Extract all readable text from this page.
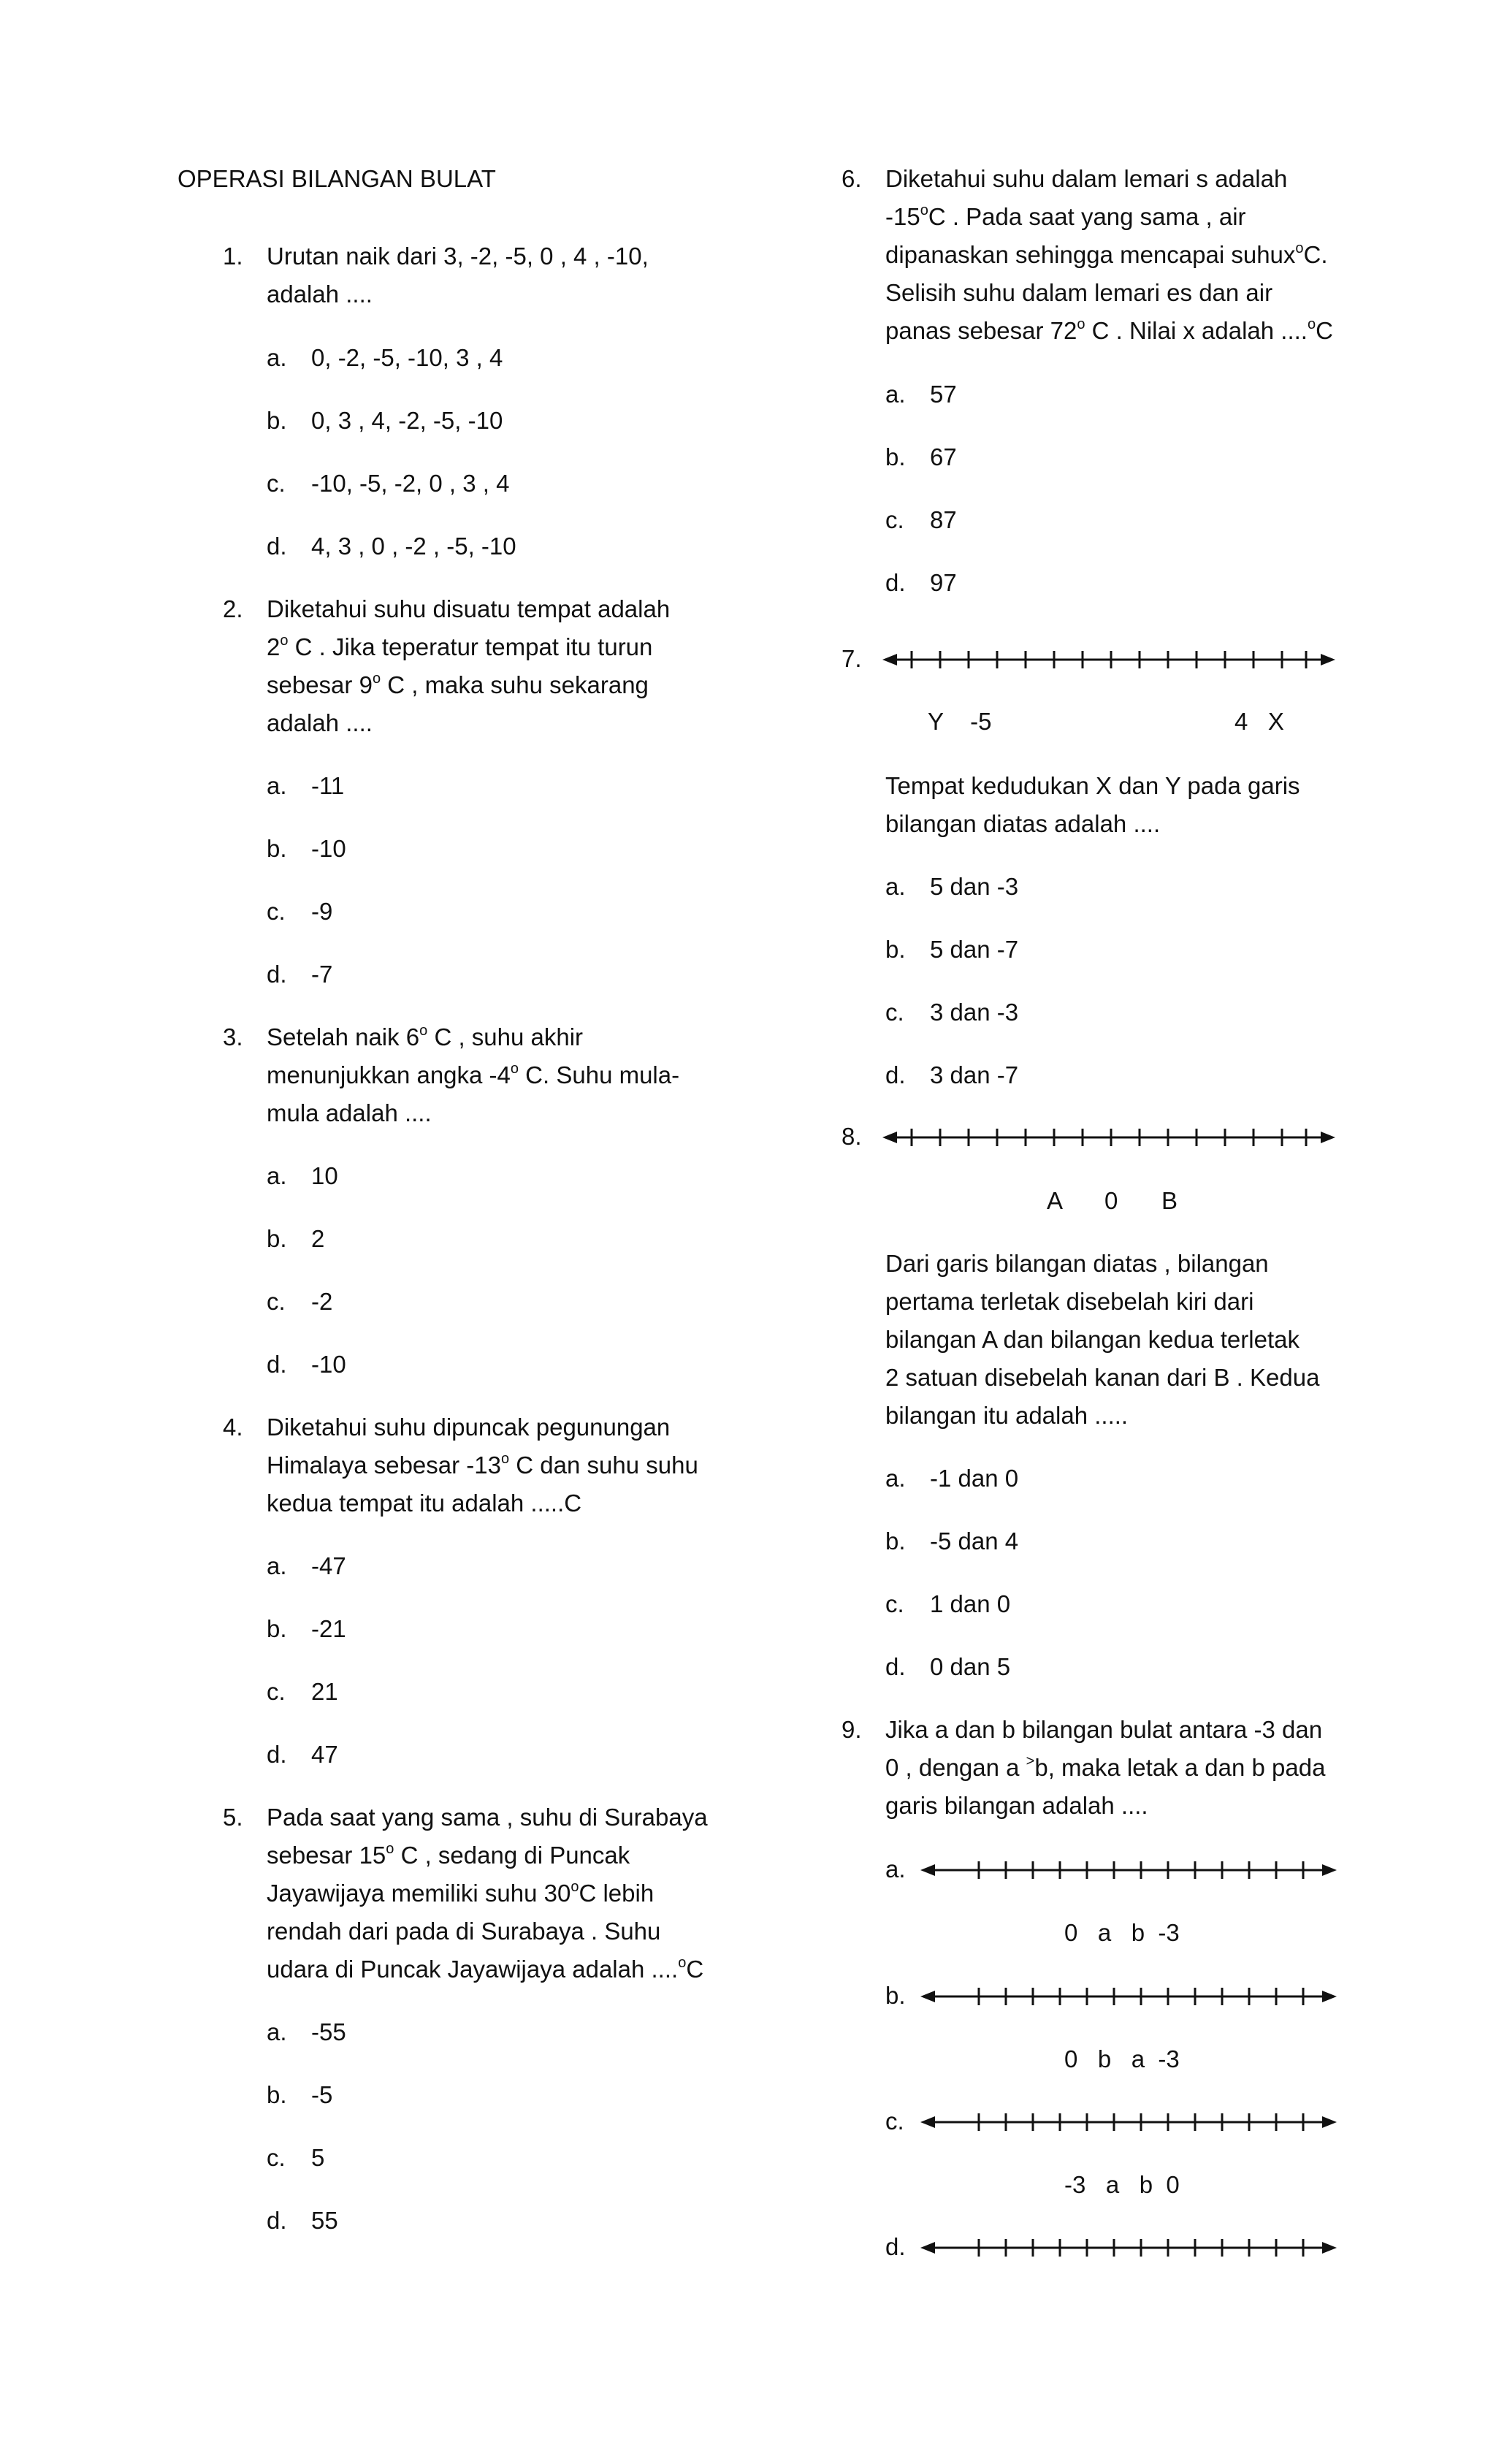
OPERASI BILANGAN BULAT
1. Urutan naik dari 3, -2, -5, 0 , 4 , -10,
adalah ....
a. 0, -2, -5, -10, 3 , 4
b. 0, 3 , 4, -2, -5, -10
c. -10, -5, -2, 0 , 3 , 4
d. 4, 3 , 0 , -2 , -5, -10
2. Diketahui suhu disuatu tempat adalah
2$^o$ C . Jika teperatur tempat itu turun
sebesar 9$^o$ C , maka suhu sekarang
adalah ....
a. -11
b. -10
c. -9
d. -7
3. Setelah naik 6$^o$ C , suhu akhir
menunjukkan angka -4$^o$ C. Suhu mula-
mula adalah ....
a. 10
b. 2
c. -2
d. -10
4. Diketahui suhu dipuncak pegunungan
Himalaya sebesar -13$^o$ C dan suhu suhu
kedua tempat itu adalah .....C
a. -47
b. -21
c. 21
d. 47
5. Pada saat yang sama , suhu di Surabaya
sebesar 15$^o$ C , sedang di Puncak
Jayawijaya memiliki suhu 30$^o$C lebih
rendah dari pada di Surabaya . Suhu
udara di Puncak Jayawijaya adalah ....$^o$C
a. -55
b. -5
c. 5
d. 55
6. Diketahui suhu dalam lemari s adalah
-15$^o$C . Pada saat yang sama , air
dipanaskan sehingga mencapai suhux$^o$C.
Selisih suhu dalam lemari es dan air
panas sebesar 72$^o$ C . Nilai x adalah ....$^o$C
a. 57
b. 67
c. 87
d. 97
7.
Y    -5	4   X
Tempat kedudukan X dan Y pada garis
bilangan diatas adalah ....
a. 5 dan -3
b. 5 dan -7
c. 3 dan -3
d. 3 dan -7
8.
A 0 B
Dari garis bilangan diatas , bilangan
pertama terletak disebelah kiri dari
bilangan A dan bilangan kedua terletak
2 satuan disebelah kanan dari B . Kedua
bilangan itu adalah .....
a. -1 dan 0
b. -5 dan 4
c. 1 dan 0
d. 0 dan 5
9. Jika a dan b bilangan bulat antara -3 dan
0 , dengan a >b, maka letak a dan b pada
garis bilangan adalah ....
a.
0   a   b  -3
b.
0   b   a  -3
c.
-3   a   b  0
d.
